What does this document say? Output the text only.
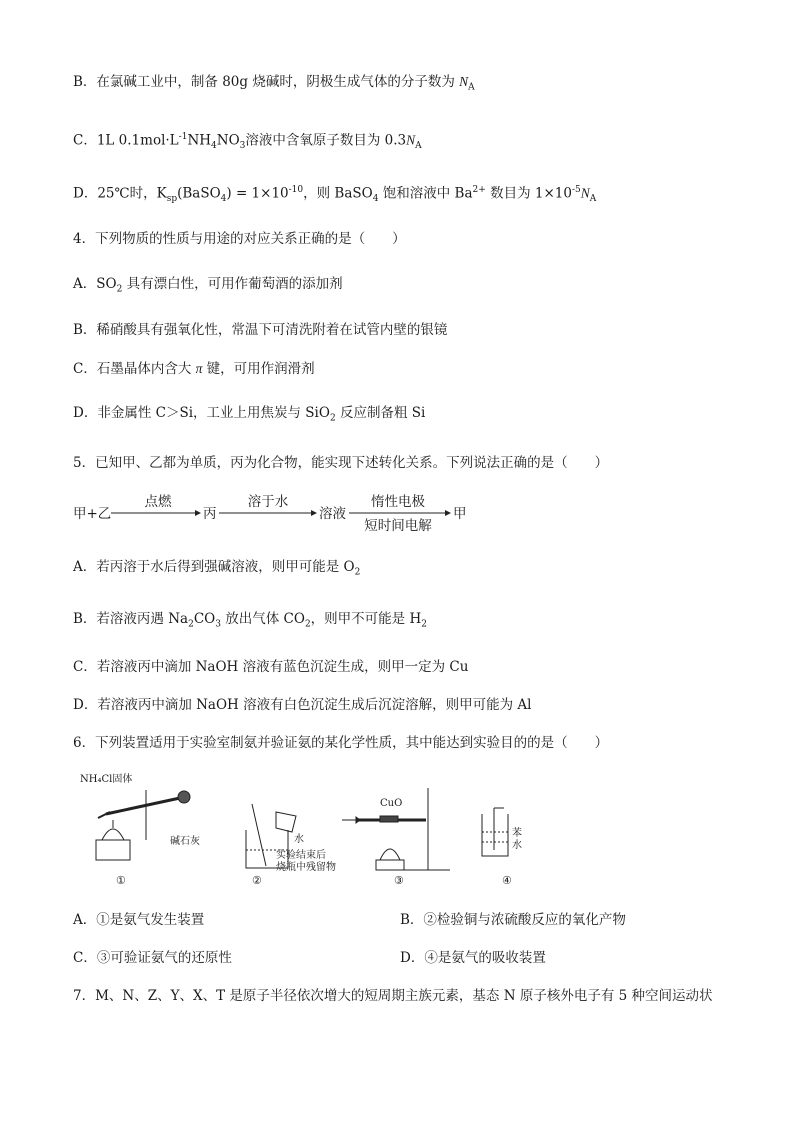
B．在氯碱工业中，制备 80g 烧碱时，阴极生成气体的分子数为 $N_A$
C．1L $0.1mol\cdot L^{-1}NH_4NO_3$溶液中含氧原子数目为 $0.3N_A$
D．25℃时，$K_{sp}(BaSO_4) = 1\times 10^{-10}$，则 BaSO$_4$ 饱和溶液中 $Ba^{2+}$ 数目为 $1\times 10^{-5}N_A$
4．下列物质的性质与用途的对应关系正确的是（　　）
A．$SO_2$ 具有漂白性，可用作葡萄酒的添加剂
B．稀硝酸具有强氧化性，常温下可清洗附着在试管内壁的银镜
C．石墨晶体内含大 π 键，可用作润滑剂
D．非金属性 C＞Si，工业上用焦炭与 SiO$_2$ 反应制备粗 Si
5．已知甲、乙都为单质，丙为化合物，能实现下述转化关系。下列说法正确的是（　　）
甲+乙
点燃
丙
溶于水
溶液
惰性电极
短时间电解
甲
A．若丙溶于水后得到强碱溶液，则甲可能是 $O_2$
B．若溶液丙遇 $Na_2CO_3$ 放出气体 $CO_2$，则甲不可能是 $H_2$
C．若溶液丙中滴加 NaOH 溶液有蓝色沉淀生成，则甲一定为 Cu
D．若溶液丙中滴加 NaOH 溶液有白色沉淀生成后沉淀溶解，则甲可能为 Al
6．下列装置适用于实验室制氨并验证氨的某化学性质，其中能达到实验目的的是（　　）
NH₄Cl固体
碱石灰
①
水
实验结束后
烧瓶中残留物
②
CuO
③
苯
水
④
A．①是氨气发生装置	B．②检验铜与浓硫酸反应的氧化产物
C．③可验证氨气的还原性	D．④是氨气的吸收装置
7．M、N、Z、Y、X、T 是原子半径依次增大的短周期主族元素，基态 N 原子核外电子有 5 种空间运动状
